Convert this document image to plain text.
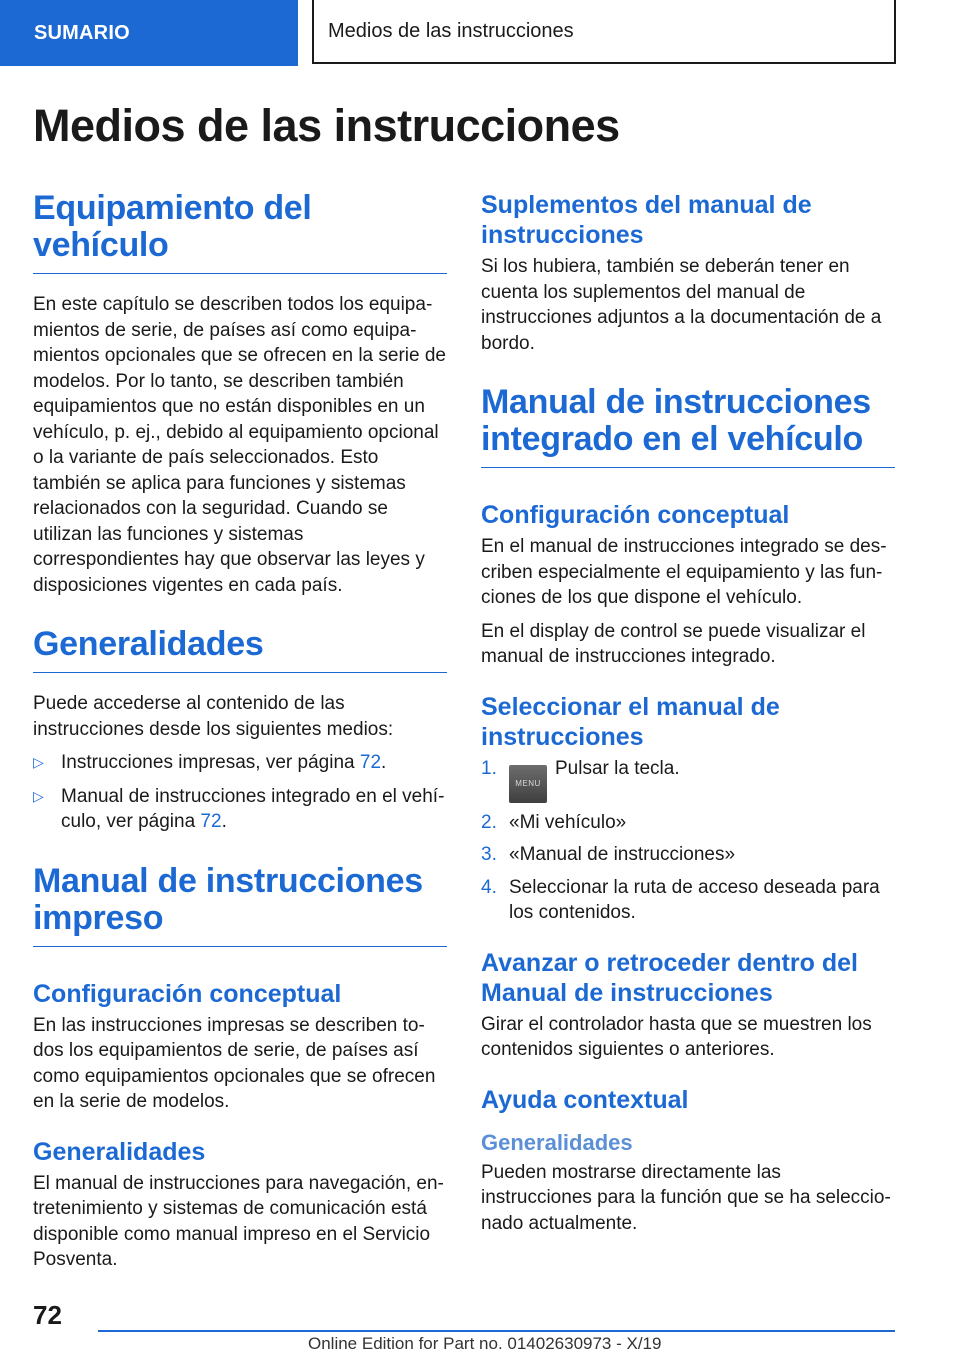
SUMARIO	Medios de las instrucciones
Medios de las instrucciones
Equipamiento del vehículo

En este capítulo se describen todos los equipamientos de serie, de países así como equipamientos opcionales que se ofrecen en la serie de modelos. Por lo tanto, se describen también equipamientos que no están disponibles en un vehículo, p. ej., debido al equipamiento opcional o la variante de país seleccionados. Esto también se aplica para funciones y sistemas relacionados con la seguridad. Cuando se utilizan las funciones y sistemas correspondientes hay que observar las leyes y disposiciones vigentes en cada país.

Generalidades

Puede accederse al contenido de las instrucciones desde los siguientes medios:

▷ Instrucciones impresas, ver página 72.
▷ Manual de instrucciones integrado en el vehículo, ver página 72.
Manual de instrucciones impreso
Configuración conceptual

En las instrucciones impresas se describen todos los equipamientos de serie, de países así como equipamientos opcionales que se ofrecen en la serie de modelos.

Generalidades

El manual de instrucciones para navegación, entretenimiento y sistemas de comunicación está disponible como manual impreso en el Servicio Posventa.

Suplementos del manual de instrucciones

Si los hubiera, también se deberán tener en cuenta los suplementos del manual de instrucciones adjuntos a la documentación de a bordo.

Manual de instrucciones integrado en el vehículo
Configuración conceptual

En el manual de instrucciones integrado se describen especialmente el equipamiento y las funciones de los que dispone el vehículo.

En el display de control se puede visualizar el manual de instrucciones integrado.

Seleccionar el manual de instrucciones
1.
MENUPulsar la tecla.
2. «Mi vehículo»
3. «Manual de instrucciones»
4. Seleccionar la ruta de acceso deseada para los contenidos.
Avanzar o retroceder dentro del Manual de instrucciones

Girar el controlador hasta que se muestren los contenidos siguientes o anteriores.

Ayuda contextual
Generalidades

Pueden mostrarse directamente las instrucciones para la función que se ha seleccionado actualmente.

72
Online Edition for Part no. 01402630973 - X/19
